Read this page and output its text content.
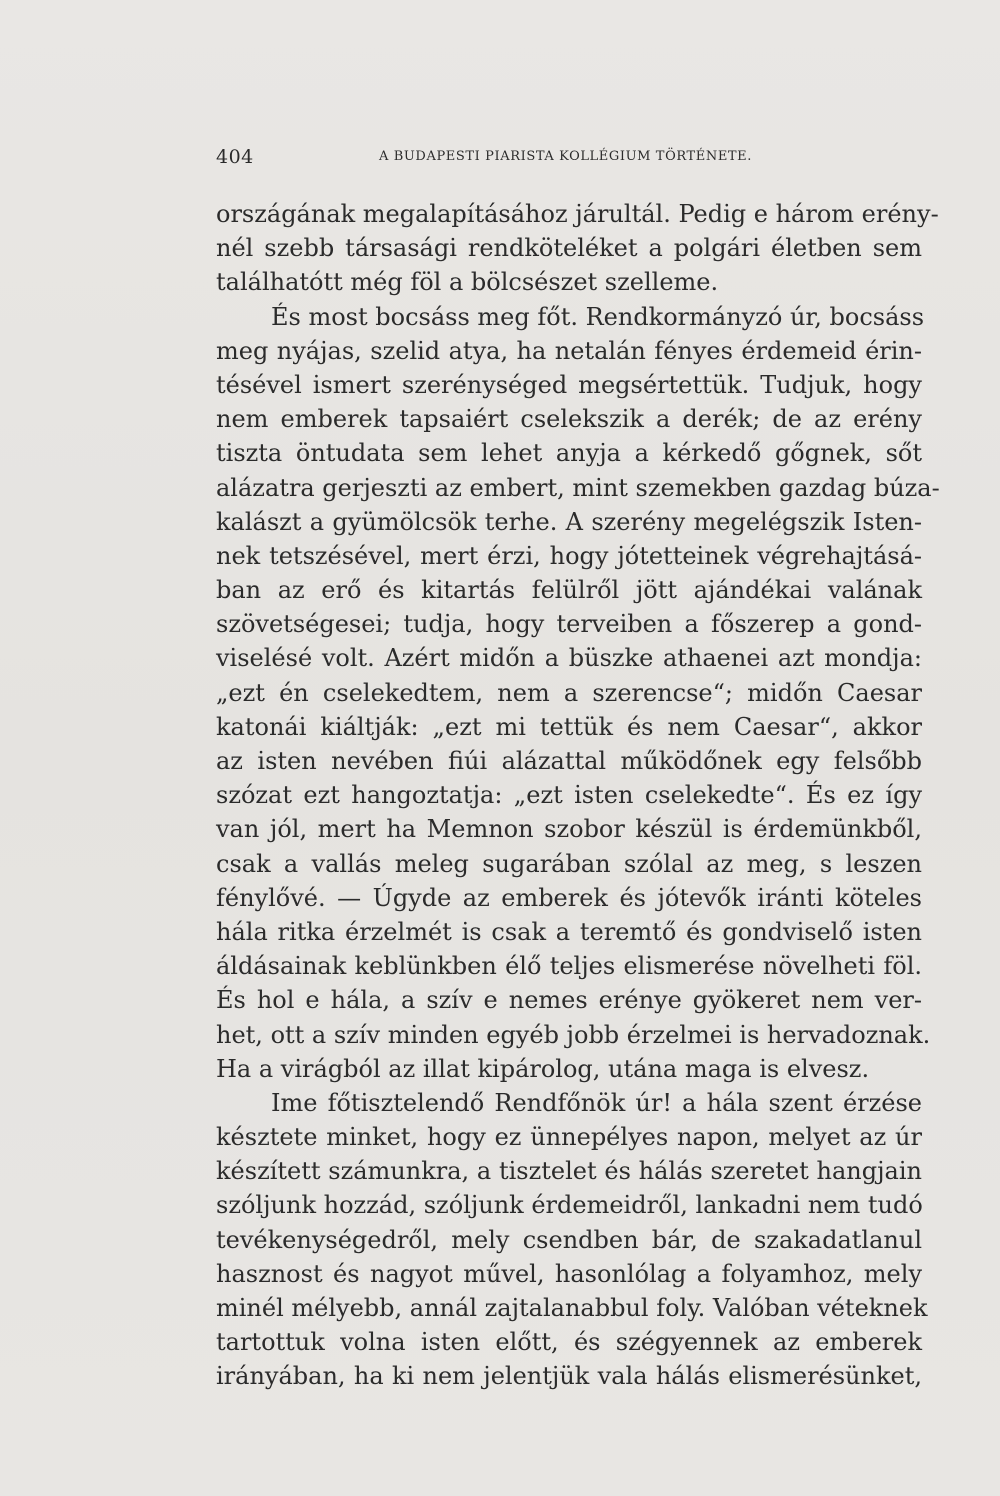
404	A BUDAPESTI PIARISTA KOLLÉGIUM TÖRTÉNETE.
országának megalapításához járultál. Pedig e három erény-
nél szebb társasági rendköteléket a polgári életben sem
található​tt még föl a bölcsészet szelleme.
És most bocsáss meg főt. Rendkormányzó úr, bocsáss
meg nyájas, szelid atya, ha netalán fényes érdemeid érin-
tésével ismert szerénységed megsértettük. Tudjuk, hogy
nem emberek tapsaiért cselekszik a derék; de az erény
tiszta öntudata sem lehet anyja a kérkedő gőgnek, sőt
alázatra gerjeszti az embert, mint szemekben gazdag búza-
kalászt a gyümölcsök terhe. A szerény megelégszik Isten-
nek tetszésével, mert érzi, hogy jótetteinek végrehajtásá-
ban az erő és kitartás felülről jött ajándékai valának
szövetségesei; tudja, hogy terveiben a főszerep a gond-
viselésé volt. Azért midőn a büszke athaenei azt mondja:
„ezt én cselekedtem, nem a szerencse“; midőn Caesar
katonái kiáltják: „ezt mi tettük és nem Caesar“, akkor
az isten nevében fiúi alázattal működőnek egy felsőbb
szózat ezt hangoztatja: „ezt isten cselekedte“. És ez így
van jól, mert ha Memnon szobor készül is érdemünkből,
csak a vallás meleg sugarában szólal az meg, s leszen
fénylővé. — Úgyde az emberek és jótevők iránti köteles
hála ritka érzelmét is csak a teremtő és gondviselő isten
áldásainak keblünkben élő teljes elismerése növelheti föl.
És hol e hála, a szív e nemes erénye gyökeret nem ver-
het, ott a szív minden egyéb jobb érzelmei is hervadoznak.
Ha a virágból az illat kipárolog, utána maga is elvesz.
Ime főtisztelendő Rendfőnök úr! a hála szent érzése
késztete minket, hogy ez ünnepélyes napon, melyet az úr
készített számunkra, a tisztelet és hálás szeretet hangjain
szóljunk hozzád, szóljunk érdemeidről, lankadni nem tudó
tevékenységedről, mely csendben bár, de szakadatlanul
hasznost és nagyot művel, hasonlólag a folyamhoz, mely
minél mélyebb, annál zajtalanabbul foly. Valóban véteknek
tartottuk volna isten előtt, és szégyennek az emberek
irányában, ha ki nem jelentjük vala hálás elismerésünket,
